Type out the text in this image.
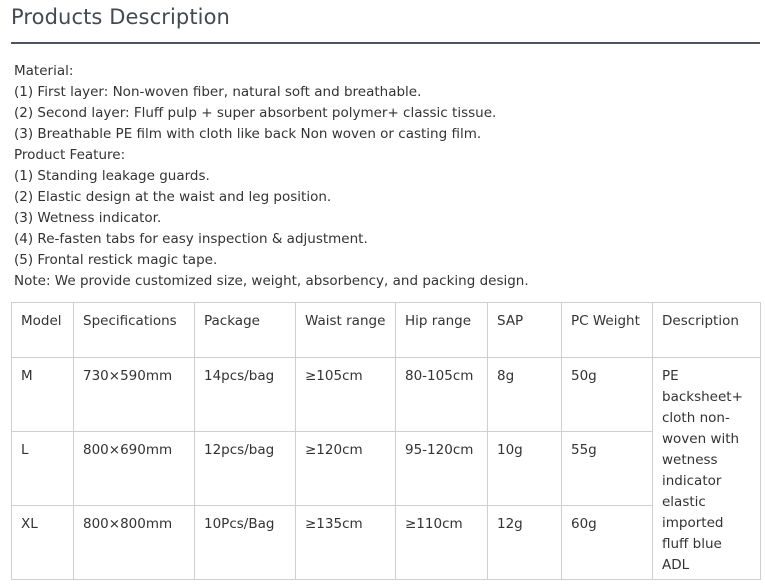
Products Description
Material:
(1) First layer: Non-woven fiber, natural soft and breathable.
(2) Second layer: Fluff pulp + super absorbent polymer+ classic tissue.
(3) Breathable PE film with cloth like back Non woven or casting film.
Product Feature:
(1) Standing leakage guards.
(2) Elastic design at the waist and leg position.
(3) Wetness indicator.
(4) Re-fasten tabs for easy inspection & adjustment.
(5) Frontal restick magic tape.
Note: We provide customized size, weight, absorbency, and packing design.
Model	Specifications	Package	Waist range	Hip range	SAP	PC Weight	Description
M	730×590mm	14pcs/bag	≥105cm	80-105cm	8g	50g	PE backsheet+ cloth non-woven with wetness indicator elastic imported fluff blue ADL
L	800×690mm	12pcs/bag	≥120cm	95-120cm	10g	55g	
XL	800×800mm	10Pcs/Bag	≥135cm	≥110cm	12g	60g	
